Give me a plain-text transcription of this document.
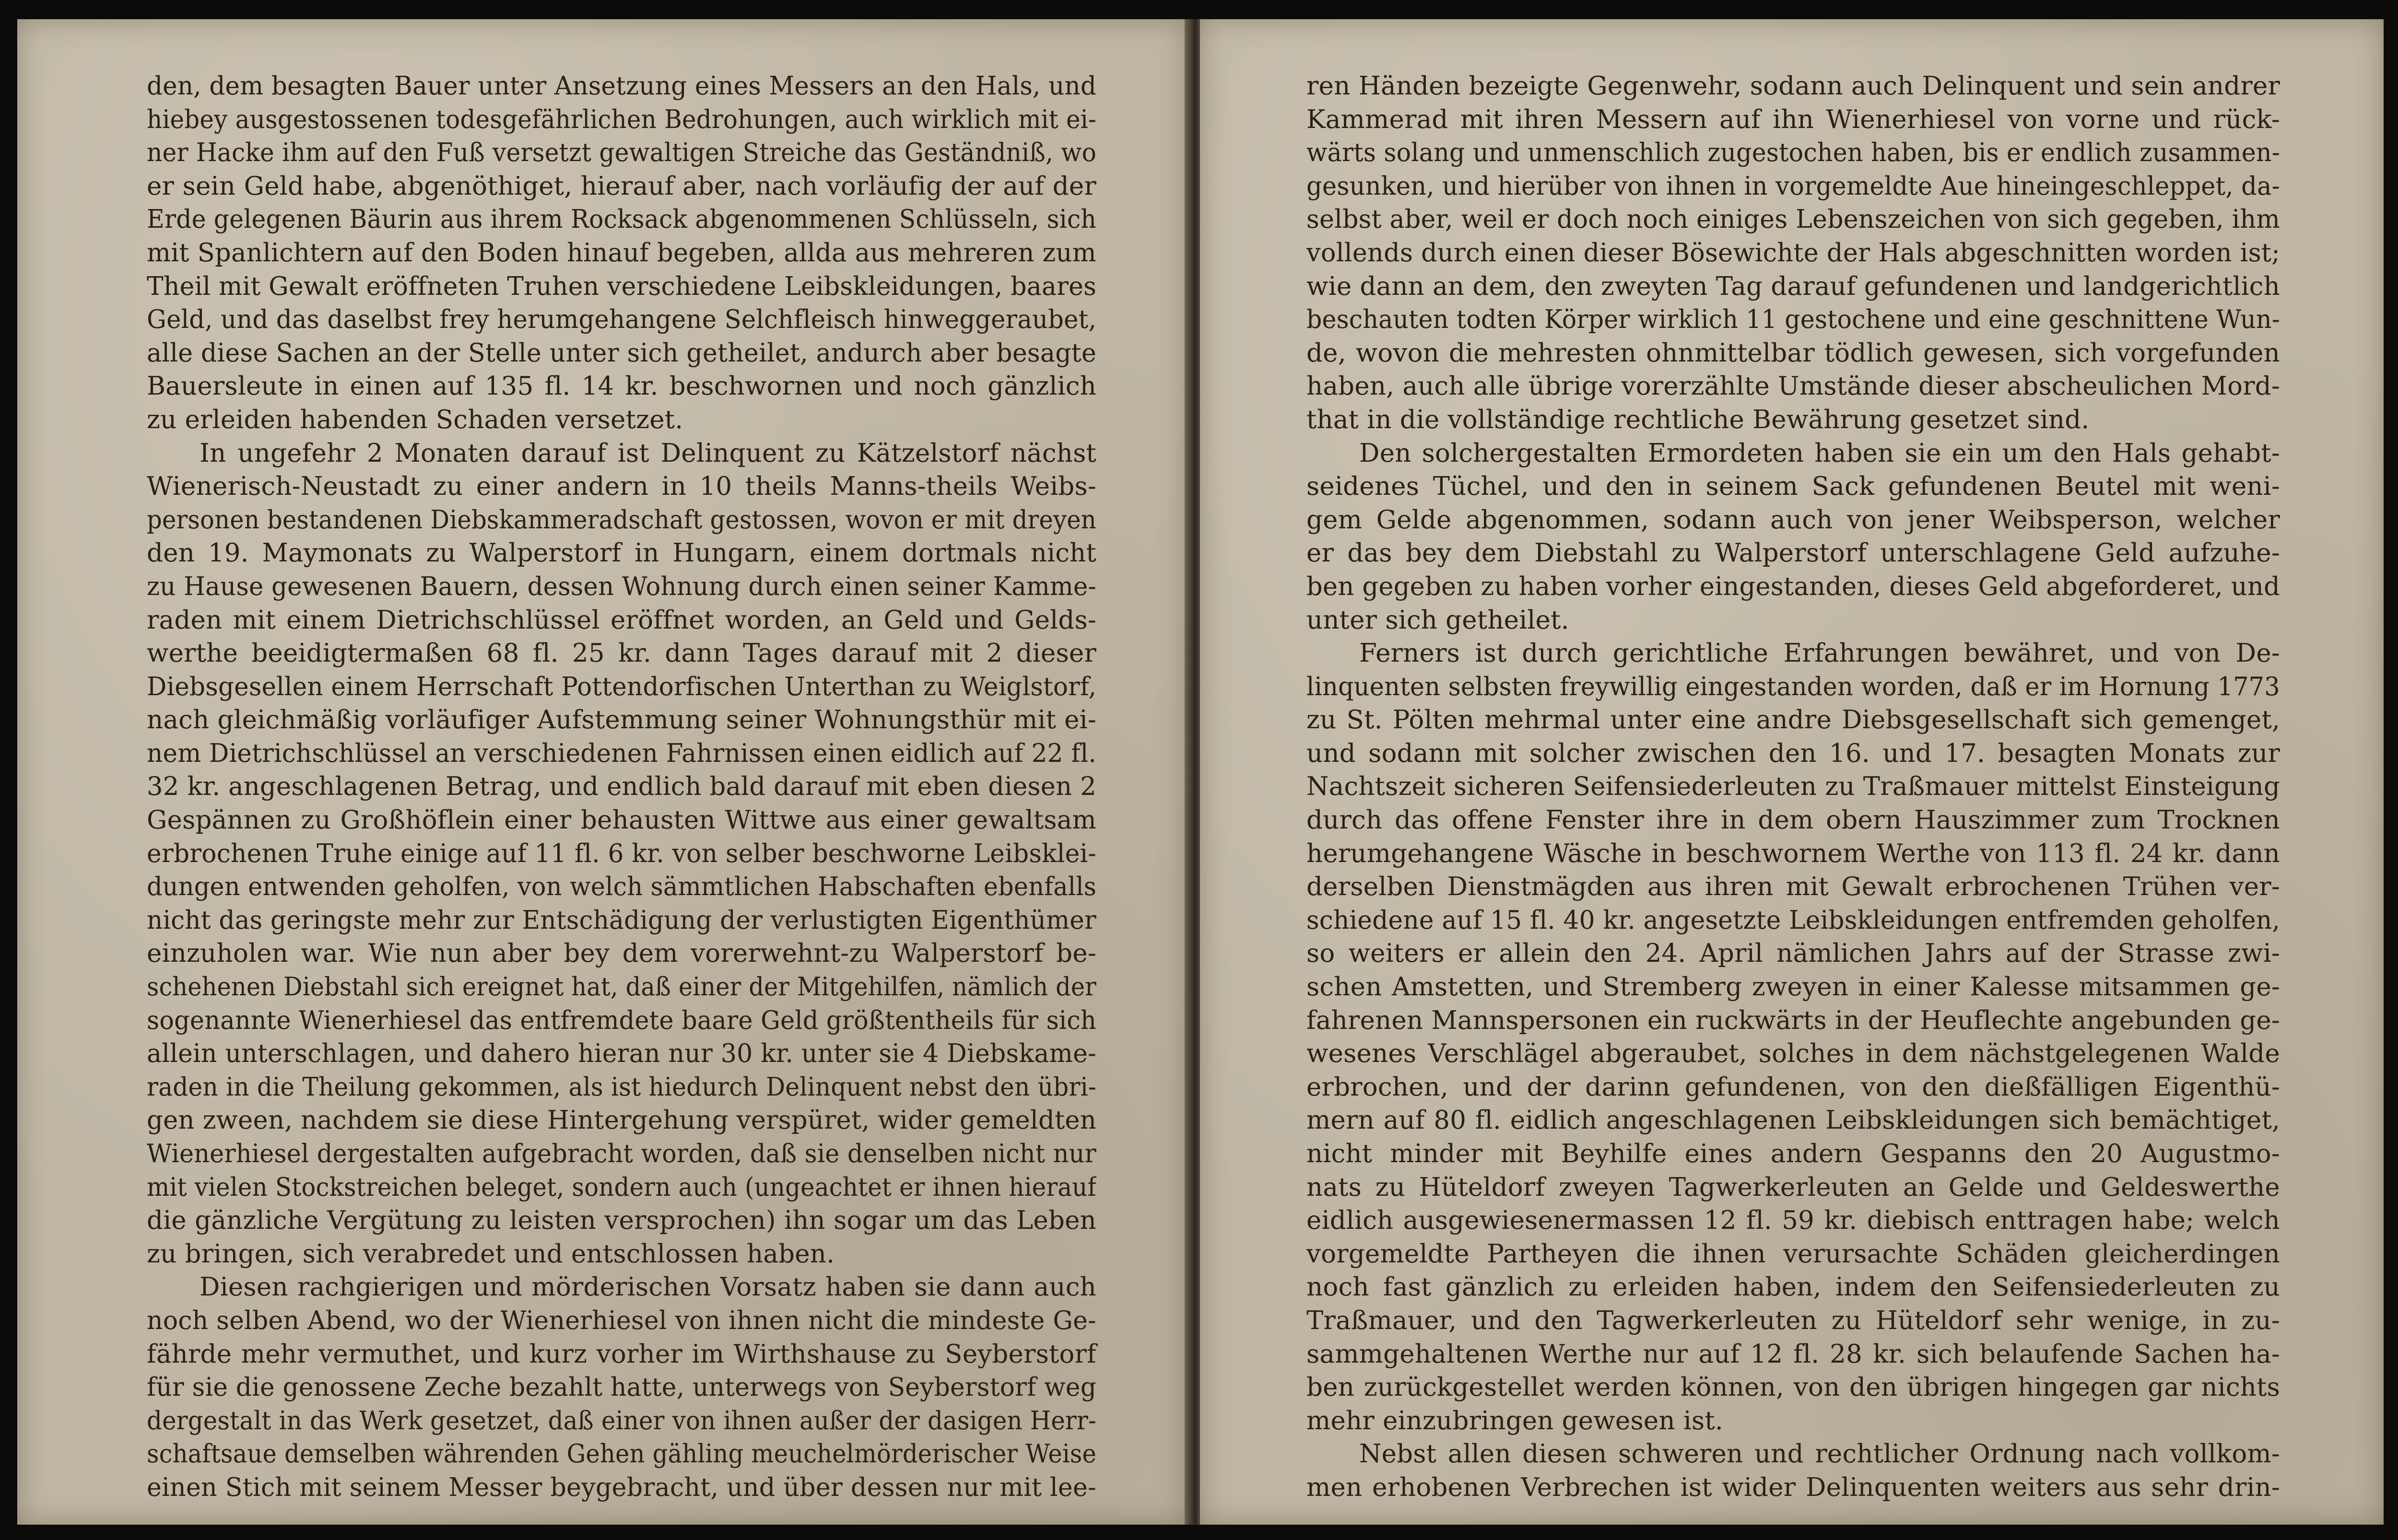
den, dem besagten Bauer unter Ansetzung eines Messers an den Hals, und
hiebey ausgestossenen todesgefährlichen Bedrohungen, auch wirklich mit ei-
ner Hacke ihm auf den Fuß versetzt gewaltigen Streiche das Geständniß, wo
er sein Geld habe, abgenöthiget, hierauf aber, nach vorläufig der auf der
Erde gelegenen Bäurin aus ihrem Rocksack abgenommenen Schlüsseln, sich
mit Spanlichtern auf den Boden hinauf begeben, allda aus mehreren zum
Theil mit Gewalt eröffneten Truhen verschiedene Leibskleidungen, baares
Geld, und das daselbst frey herumgehangene Selchfleisch hinweggeraubet,
alle diese Sachen an der Stelle unter sich getheilet, andurch aber besagte
Bauersleute in einen auf 135 fl. 14 kr. beschwornen und noch gänzlich
zu erleiden habenden Schaden versetzet.
In ungefehr 2 Monaten darauf ist Delinquent zu Kätzelstorf nächst
Wienerisch-Neustadt zu einer andern in 10 theils Manns-theils Weibs-
personen bestandenen Diebskammeradschaft gestossen, wovon er mit dreyen
den 19. Maymonats zu Walperstorf in Hungarn, einem dortmals nicht
zu Hause gewesenen Bauern, dessen Wohnung durch einen seiner Kamme-
raden mit einem Dietrichschlüssel eröffnet worden, an Geld und Gelds-
werthe beeidigtermaßen 68 fl. 25 kr. dann Tages darauf mit 2 dieser
Diebsgesellen einem Herrschaft Pottendorfischen Unterthan zu Weiglstorf,
nach gleichmäßig vorläufiger Aufstemmung seiner Wohnungsthür mit ei-
nem Dietrichschlüssel an verschiedenen Fahrnissen einen eidlich auf 22 fl.
32 kr. angeschlagenen Betrag, und endlich bald darauf mit eben diesen 2
Gespännen zu Großhöflein einer behausten Wittwe aus einer gewaltsam
erbrochenen Truhe einige auf 11 fl. 6 kr. von selber beschworne Leibsklei-
dungen entwenden geholfen, von welch sämmtlichen Habschaften ebenfalls
nicht das geringste mehr zur Entschädigung der verlustigten Eigenthümer
einzuholen war. Wie nun aber bey dem vorerwehnt-zu Walperstorf be-
schehenen Diebstahl sich ereignet hat, daß einer der Mitgehilfen, nämlich der
sogenannte Wienerhiesel das entfremdete baare Geld größtentheils für sich
allein unterschlagen, und dahero hieran nur 30 kr. unter sie 4 Diebskame-
raden in die Theilung gekommen, als ist hiedurch Delinquent nebst den übri-
gen zween, nachdem sie diese Hintergehung verspüret, wider gemeldten
Wienerhiesel dergestalten aufgebracht worden, daß sie denselben nicht nur
mit vielen Stockstreichen beleget, sondern auch (ungeachtet er ihnen hierauf
die gänzliche Vergütung zu leisten versprochen) ihn sogar um das Leben
zu bringen, sich verabredet und entschlossen haben.
Diesen rachgierigen und mörderischen Vorsatz haben sie dann auch
noch selben Abend, wo der Wienerhiesel von ihnen nicht die mindeste Ge-
fährde mehr vermuthet, und kurz vorher im Wirthshause zu Seyberstorf
für sie die genossene Zeche bezahlt hatte, unterwegs von Seyberstorf weg
dergestalt in das Werk gesetzet, daß einer von ihnen außer der dasigen Herr-
schaftsaue demselben währenden Gehen gähling meuchelmörderischer Weise
einen Stich mit seinem Messer beygebracht, und über dessen nur mit lee-
ren Händen bezeigte Gegenwehr, sodann auch Delinquent und sein andrer
Kammerad mit ihren Messern auf ihn Wienerhiesel von vorne und rück-
wärts solang und unmenschlich zugestochen haben, bis er endlich zusammen-
gesunken, und hierüber von ihnen in vorgemeldte Aue hineingeschleppet, da-
selbst aber, weil er doch noch einiges Lebenszeichen von sich gegeben, ihm
vollends durch einen dieser Bösewichte der Hals abgeschnitten worden ist;
wie dann an dem, den zweyten Tag darauf gefundenen und landgerichtlich
beschauten todten Körper wirklich 11 gestochene und eine geschnittene Wun-
de, wovon die mehresten ohnmittelbar tödlich gewesen, sich vorgefunden
haben, auch alle übrige vorerzählte Umstände dieser abscheulichen Mord-
that in die vollständige rechtliche Bewährung gesetzet sind.
Den solchergestalten Ermordeten haben sie ein um den Hals gehabt-
seidenes Tüchel, und den in seinem Sack gefundenen Beutel mit weni-
gem Gelde abgenommen, sodann auch von jener Weibsperson, welcher
er das bey dem Diebstahl zu Walperstorf unterschlagene Geld aufzuhe-
ben gegeben zu haben vorher eingestanden, dieses Geld abgeforderet, und
unter sich getheilet.
Ferners ist durch gerichtliche Erfahrungen bewähret, und von De-
linquenten selbsten freywillig eingestanden worden, daß er im Hornung 1773
zu St. Pölten mehrmal unter eine andre Diebsgesellschaft sich gemenget,
und sodann mit solcher zwischen den 16. und 17. besagten Monats zur
Nachtszeit sicheren Seifensiederleuten zu Traßmauer mittelst Einsteigung
durch das offene Fenster ihre in dem obern Hauszimmer zum Trocknen
herumgehangene Wäsche in beschwornem Werthe von 113 fl. 24 kr. dann
derselben Dienstmägden aus ihren mit Gewalt erbrochenen Trühen ver-
schiedene auf 15 fl. 40 kr. angesetzte Leibskleidungen entfremden geholfen,
so weiters er allein den 24. April nämlichen Jahrs auf der Strasse zwi-
schen Amstetten, und Stremberg zweyen in einer Kalesse mitsammen ge-
fahrenen Mannspersonen ein ruckwärts in der Heuflechte angebunden ge-
wesenes Verschlägel abgeraubet, solches in dem nächstgelegenen Walde
erbrochen, und der darinn gefundenen, von den dießfälligen Eigenthü-
mern auf 80 fl. eidlich angeschlagenen Leibskleidungen sich bemächtiget,
nicht minder mit Beyhilfe eines andern Gespanns den 20 Augustmo-
nats zu Hüteldorf zweyen Tagwerkerleuten an Gelde und Geldeswerthe
eidlich ausgewiesenermassen 12 fl. 59 kr. diebisch enttragen habe; welch
vorgemeldte Partheyen die ihnen verursachte Schäden gleicherdingen
noch fast gänzlich zu erleiden haben, indem den Seifensiederleuten zu
Traßmauer, und den Tagwerkerleuten zu Hüteldorf sehr wenige, in zu-
sammgehaltenen Werthe nur auf 12 fl. 28 kr. sich belaufende Sachen ha-
ben zurückgestellet werden können, von den übrigen hingegen gar nichts
mehr einzubringen gewesen ist.
Nebst allen diesen schweren und rechtlicher Ordnung nach vollkom-
men erhobenen Verbrechen ist wider Delinquenten weiters aus sehr drin-
